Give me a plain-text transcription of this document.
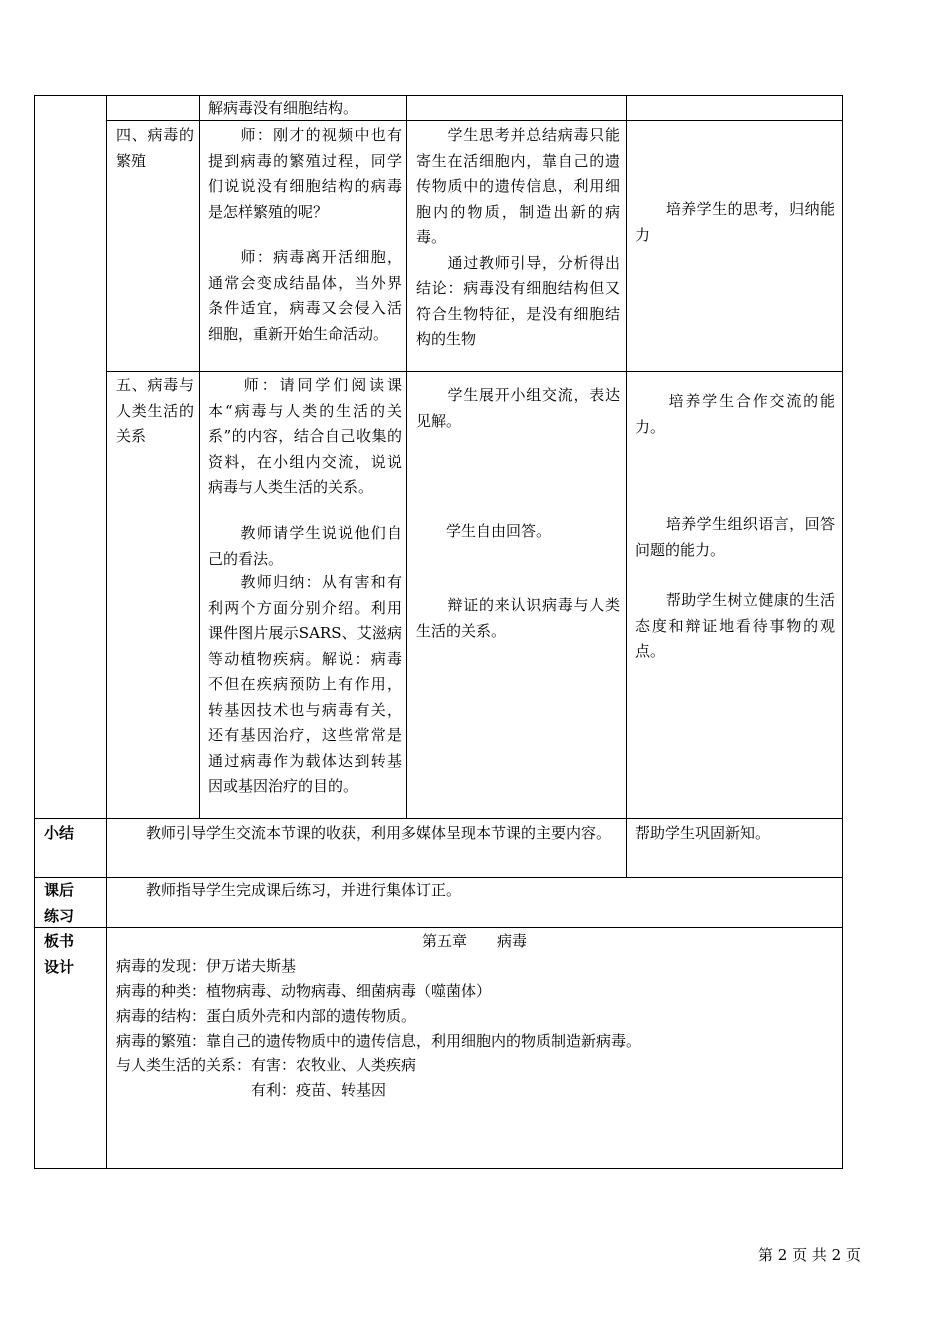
解病毒没有细胞结构。
四、病毒的繁殖
　　师：刚才的视频中也有提到病毒的繁殖过程，同学们说说没有细胞结构的病毒是怎样繁殖的呢？
　　师：病毒离开活细胞，通常会变成结晶体，当外界条件适宜，病毒又会侵入活细胞，重新开始生命活动。
　　学生思考并总结病毒只能寄生在活细胞内，靠自己的遗传物质中的遗传信息，利用细胞内的物质，制造出新的病毒。
　　通过教师引导，分析得出结论：病毒没有细胞结构但又符合生物特征，是没有细胞结构的生物
　　培养学生的思考，归纳能力
五、病毒与人类生活的关系
　　师：请同学们阅读课本“病毒与人类的生活的关系”的内容，结合自己收集的资料，在小组内交流，说说病毒与人类生活的关系。
　　教师请学生说说他们自己的看法。
　　教师归纳：从有害和有利两个方面分别介绍。利用课件图片展示SARS、艾滋病等动植物疾病。解说：病毒不但在疾病预防上有作用，转基因技术也与病毒有关，还有基因治疗，这些常常是通过病毒作为载体达到转基因或基因治疗的目的。
　　学生展开小组交流，表达见解。
　　学生自由回答。
　　辩证的来认识病毒与人类生活的关系。
　　培养学生合作交流的能力。
　　培养学生组织语言，回答问题的能力。
　　帮助学生树立健康的生活态度和辩证地看待事物的观点。
小结	　　教师引导学生交流本节课的收获，利用多媒体呈现本节课的主要内容。	帮助学生巩固新知。
课后练习
　　教师指导学生完成课后练习，并进行集体订正。
板书设计
第五章　　病毒
病毒的发现：伊万诺夫斯基
病毒的种类：植物病毒、动物病毒、细菌病毒（噬菌体）
病毒的结构：蛋白质外壳和内部的遗传物质。
病毒的繁殖：靠自己的遗传物质中的遗传信息，利用细胞内的物质制造新病毒。
与人类生活的关系：有害：农牧业、人类疾病
　　　　　　　　　有利：疫苗、转基因
第 2 页 共 2 页
